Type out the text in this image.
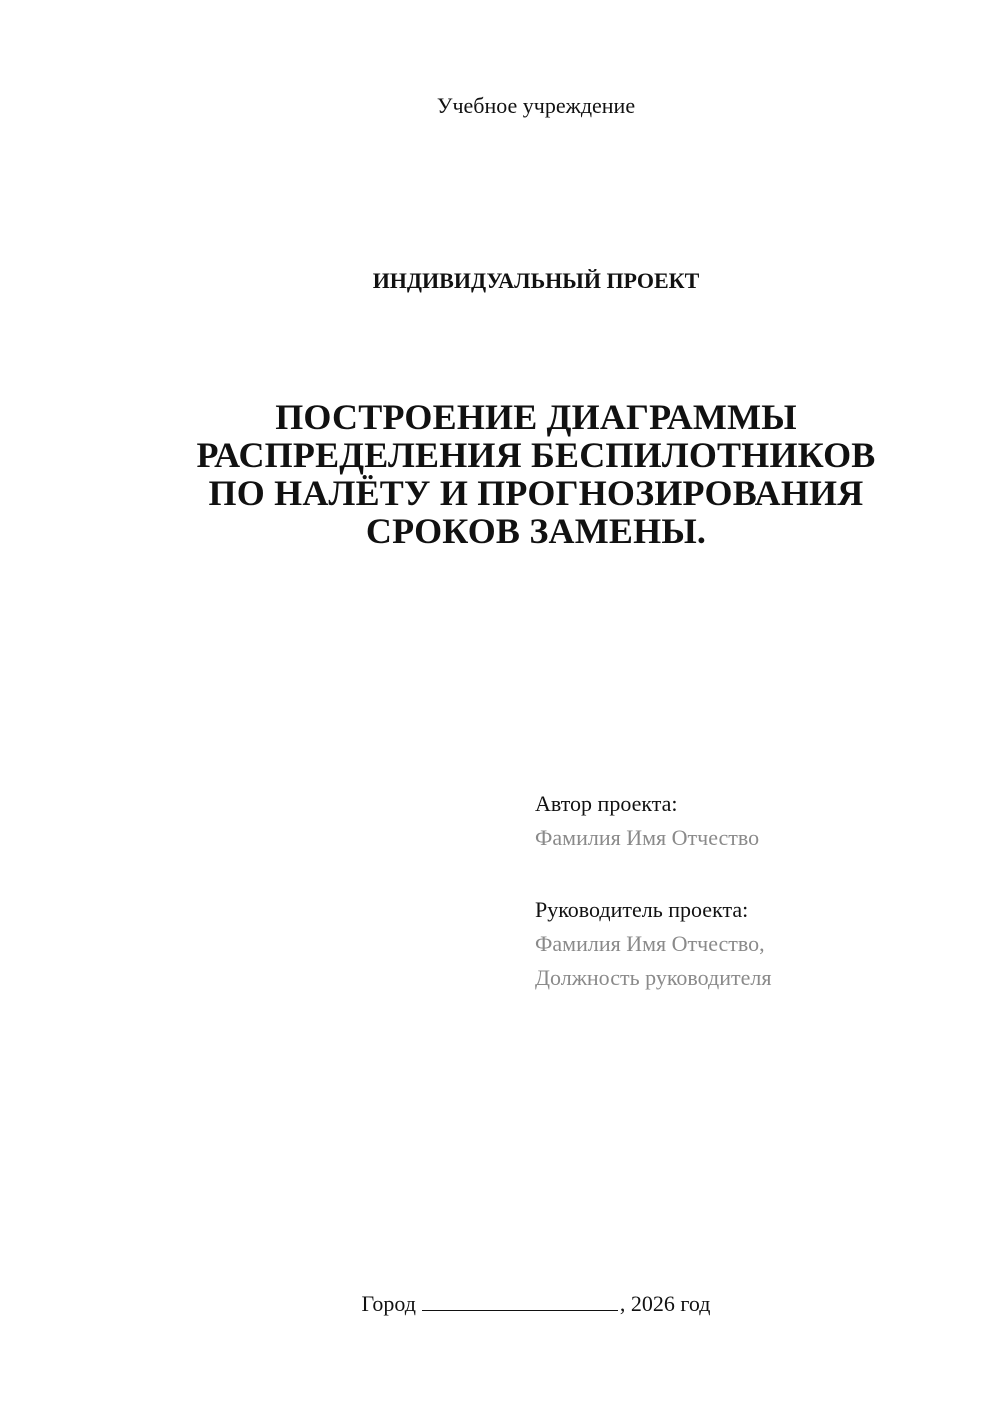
Учебное учреждение
ИНДИВИДУАЛЬНЫЙ ПРОЕКТ
ПОСТРОЕНИЕ ДИАГРАММЫ
РАСПРЕДЕЛЕНИЯ БЕСПИЛОТНИКОВ
ПО НАЛЁТУ И ПРОГНОЗИРОВАНИЯ
СРОКОВ ЗАМЕНЫ.
Автор проекта:
Фамилия Имя Отчество
Руководитель проекта:
Фамилия Имя Отчество,
Должность руководителя
Город	, 2026 год
